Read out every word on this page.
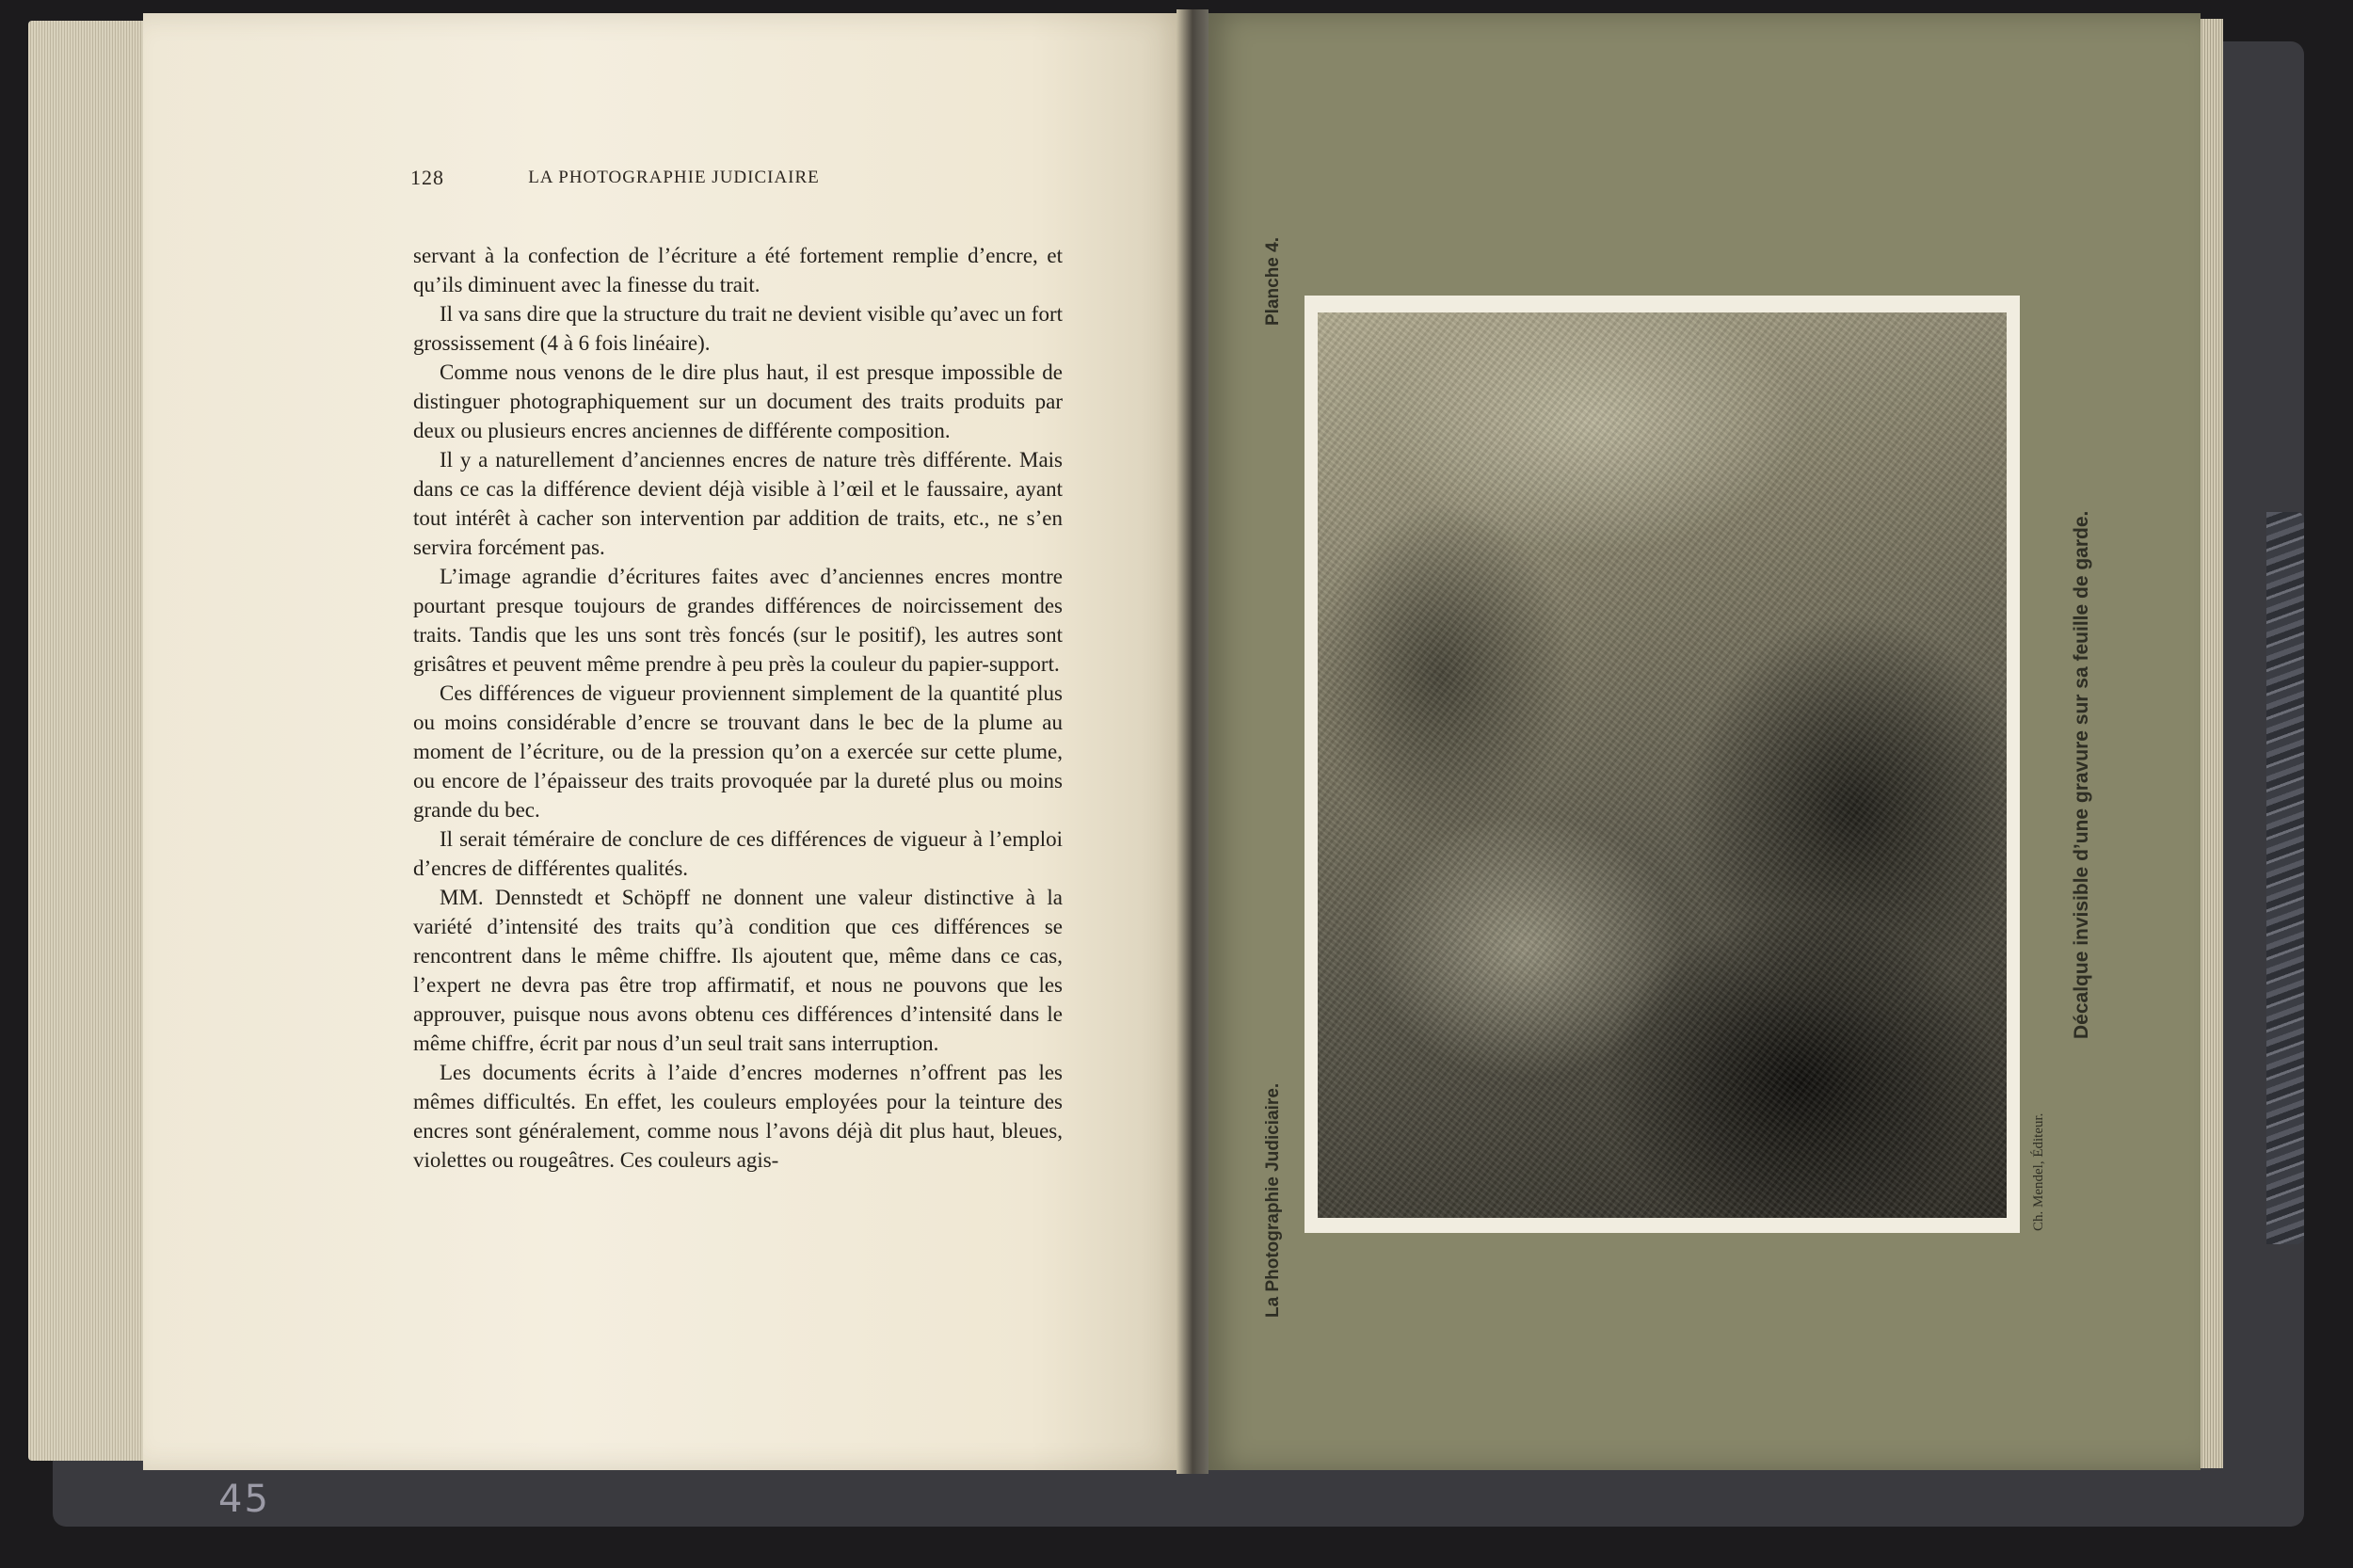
128	LA PHOTOGRAPHIE JUDICIAIRE

servant à la confection de l’écriture a été fortement remplie d’encre, et qu’ils diminuent avec la finesse du trait.

Il va sans dire que la structure du trait ne devient visible qu’avec un fort grossissement (4 à 6 fois linéaire).

Comme nous venons de le dire plus haut, il est presque impossible de distinguer photographiquement sur un document des traits produits par deux ou plusieurs encres anciennes de différente composition.

Il y a naturellement d’anciennes encres de nature très différente. Mais dans ce cas la différence devient déjà visible à l’œil et le faussaire, ayant tout intérêt à cacher son intervention par addition de traits, etc., ne s’en servira forcément pas.

L’image agrandie d’écritures faites avec d’anciennes encres montre pourtant presque toujours de grandes différences de noircissement des traits. Tandis que les uns sont très foncés (sur le positif), les autres sont grisâtres et peuvent même prendre à peu près la couleur du papier-support.

Ces différences de vigueur proviennent simplement de la quantité plus ou moins considérable d’encre se trouvant dans le bec de la plume au moment de l’écriture, ou de la pression qu’on a exercée sur cette plume, ou encore de l’épaisseur des traits provoquée par la dureté plus ou moins grande du bec.

Il serait téméraire de conclure de ces différences de vigueur à l’emploi d’encres de différentes qualités.

MM. Dennstedt et Schöpff ne donnent une valeur distinctive à la variété d’intensité des traits qu’à condition que ces différences se rencontrent dans le même chiffre. Ils ajoutent que, même dans ce cas, l’expert ne devra pas être trop affirmatif, et nous ne pouvons que les approuver, puisque nous avons obtenu ces différences d’intensité dans le même chiffre, écrit par nous d’un seul trait sans interruption.

Les documents écrits à l’aide d’encres modernes n’offrent pas les mêmes difficultés. En effet, les couleurs employées pour la teinture des encres sont généralement, comme nous l’avons déjà dit plus haut, bleues, violettes ou rougeâtres. Ces couleurs agis-

45
Planche 4.
La Photographie Judiciaire.	Ch. Mendel, Éditeur.
Décalque invisible d’une gravure sur sa feuille de garde.
